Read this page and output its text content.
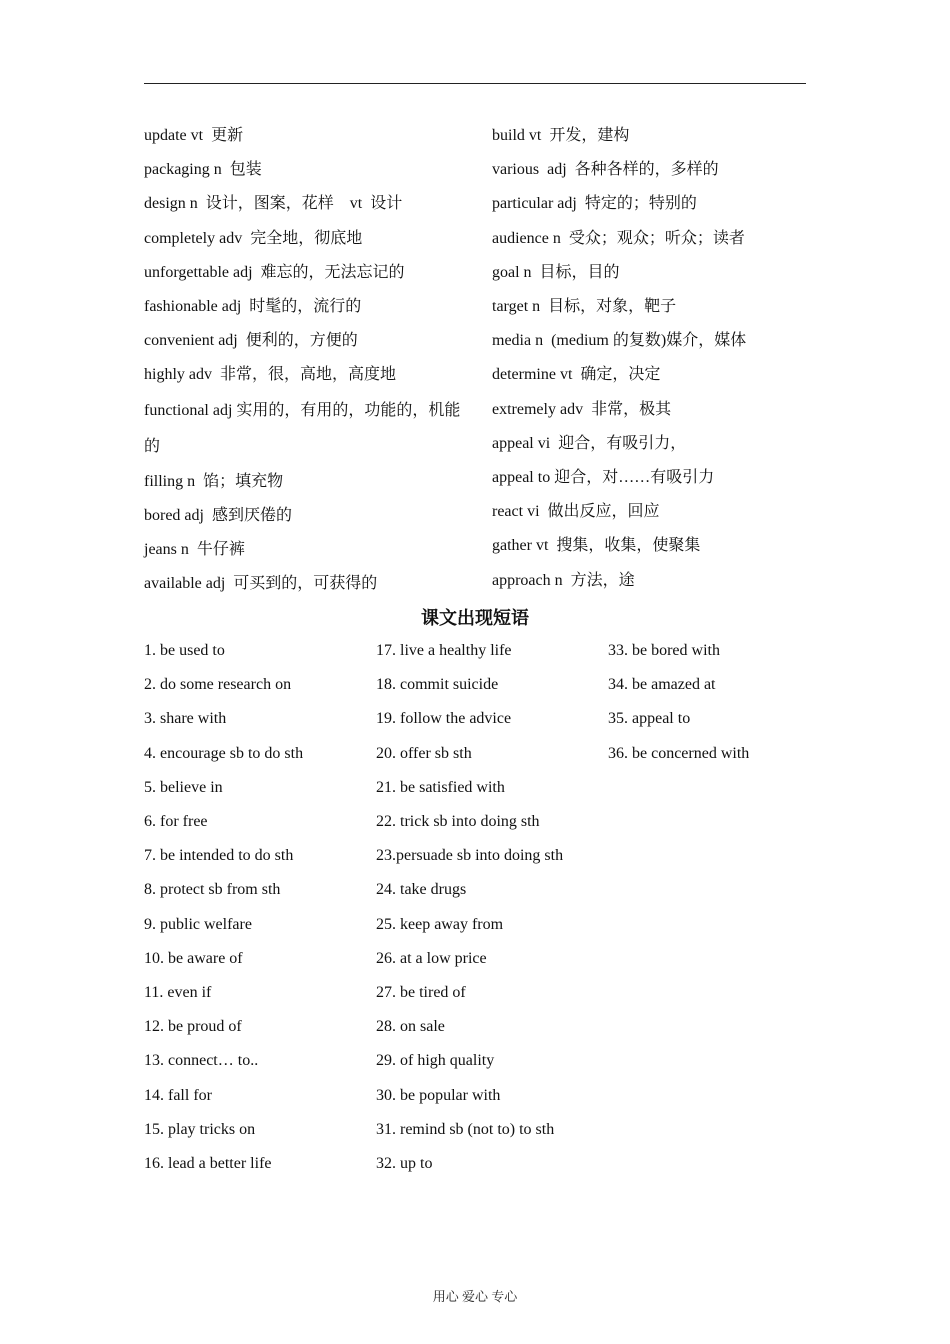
update vt  更新
packaging n  包装
design n  设计，图案，花样    vt  设计
completely adv  完全地，彻底地
unforgettable adj  难忘的，无法忘记的
fashionable adj  时髦的，流行的
convenient adj  便利的，方便的
highly adv  非常，很，高地，高度地
functional adj 实用的，有用的，功能的，机能的
filling n  馅；填充物
bored adj  感到厌倦的
jeans n  牛仔裤
available adj  可买到的，可获得的
build vt  开发，建构
various  adj  各种各样的，多样的
particular adj  特定的；特别的
audience n  受众；观众；听众；读者
goal n  目标，目的
target n  目标，对象，靶子
media n  (medium 的复数)媒介，媒体
determine vt  确定，决定
extremely adv  非常，极其
appeal vi  迎合，有吸引力，
appeal to 迎合，对……有吸引力
react vi  做出反应，回应
gather vt  搜集，收集，使聚集
approach n  方法，途
课文出现短语
1. be used to
2. do some research on
3. share with
4. encourage sb to do sth
5. believe in
6. for free
7. be intended to do sth
8. protect sb from sth
9. public welfare
10. be aware of
11. even if
12. be proud of
13. connect… to..
14. fall for
15. play tricks on
16. lead a better life
17. live a healthy life
18. commit suicide
19. follow the advice
20. offer sb sth
21. be satisfied with
22. trick sb into doing sth
23.persuade sb into doing sth
24. take drugs
25. keep away from
26. at a low price
27. be tired of
28. on sale
29. of high quality
30. be popular with
31. remind sb (not to) to sth
32. up to
33. be bored with
34. be amazed at
35. appeal to
36. be concerned with
用心 爱心 专心
